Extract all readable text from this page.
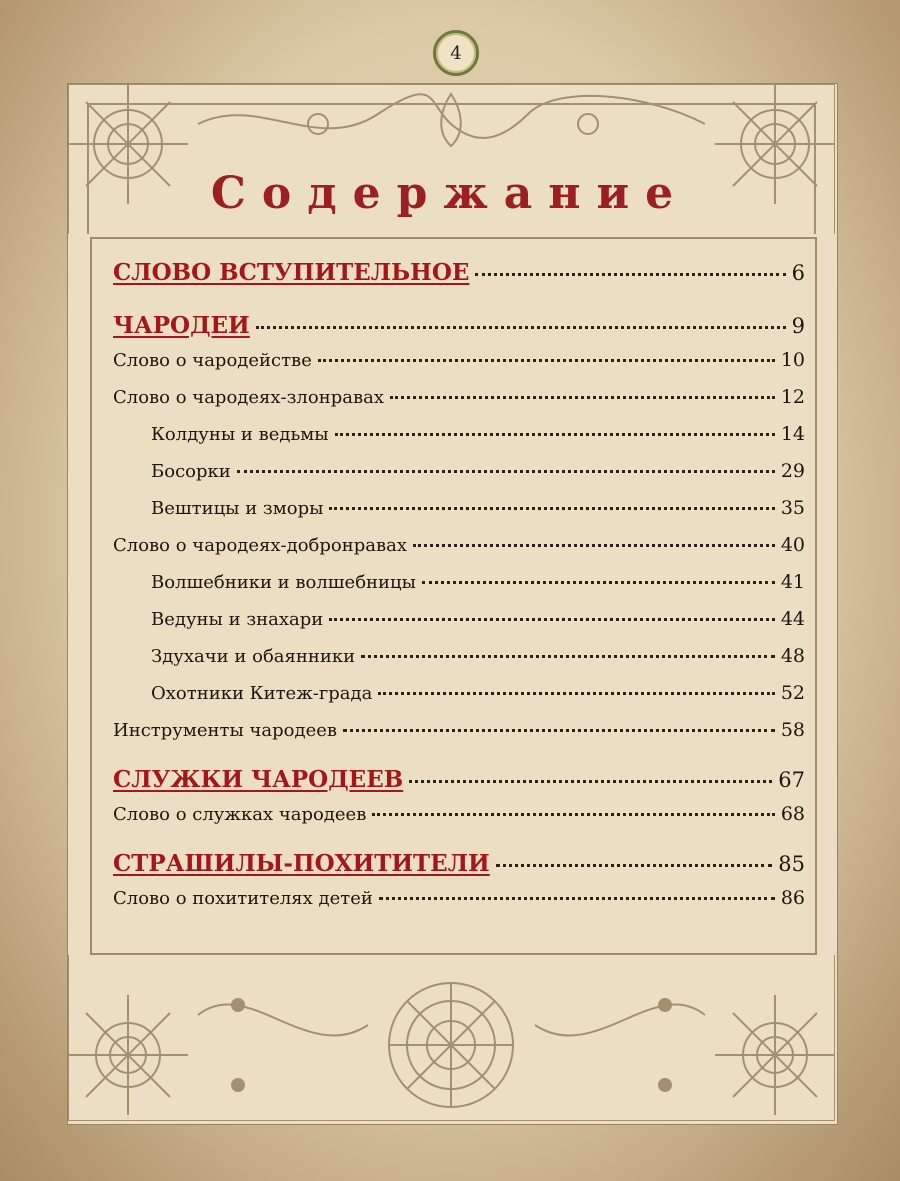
4
Содержание
СЛОВО ВСТУПИТЕЛЬНОЕ	6
ЧАРОДЕИ	9
Слово о чародействе	10
Слово о чародеях-злонравах	12
Колдуны и ведьмы	14
Босорки	29
Вештицы и зморы	35
Слово о чародеях-добронравах	40
Волшебники и волшебницы	41
Ведуны и знахари	44
Здухачи и обаянники	48
Охотники Китеж-града	52
Инструменты чародеев	58
СЛУЖКИ ЧАРОДЕЕВ	67
Слово о служках чародеев	68
СТРАШИЛЫ-ПОХИТИТЕЛИ	85
Слово о похитителях детей	86
